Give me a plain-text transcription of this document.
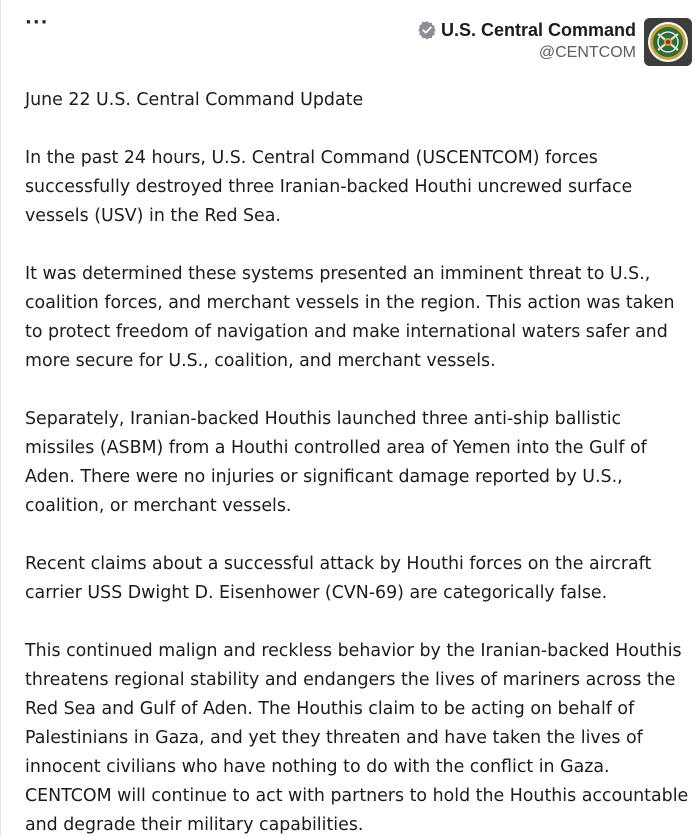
···	U.S. Central Command
@CENTCOM

June 22 U.S. Central Command Update

In the past 24 hours, U.S. Central Command (USCENTCOM) forces successfully destroyed three Iranian-backed Houthi uncrewed surface vessels (USV) in the Red Sea.

It was determined these systems presented an imminent threat to U.S., coalition forces, and merchant vessels in the region. This action was taken to protect freedom of navigation and make international waters safer and more secure for U.S., coalition, and merchant vessels.

Separately, Iranian-backed Houthis launched three anti-ship ballistic missiles (ASBM) from a Houthi controlled area of Yemen into the Gulf of Aden. There were no injuries or significant damage reported by U.S., coalition, or merchant vessels.

Recent claims about a successful attack by Houthi forces on the aircraft carrier USS Dwight D. Eisenhower (CVN-69) are categorically false.

This continued malign and reckless behavior by the Iranian-backed Houthis threatens regional stability and endangers the lives of mariners across the Red Sea and Gulf of Aden. The Houthis claim to be acting on behalf of Palestinians in Gaza, and yet they threaten and have taken the lives of innocent civilians who have nothing to do with the conflict in Gaza. CENTCOM will continue to act with partners to hold the Houthis accountable and degrade their military capabilities.
